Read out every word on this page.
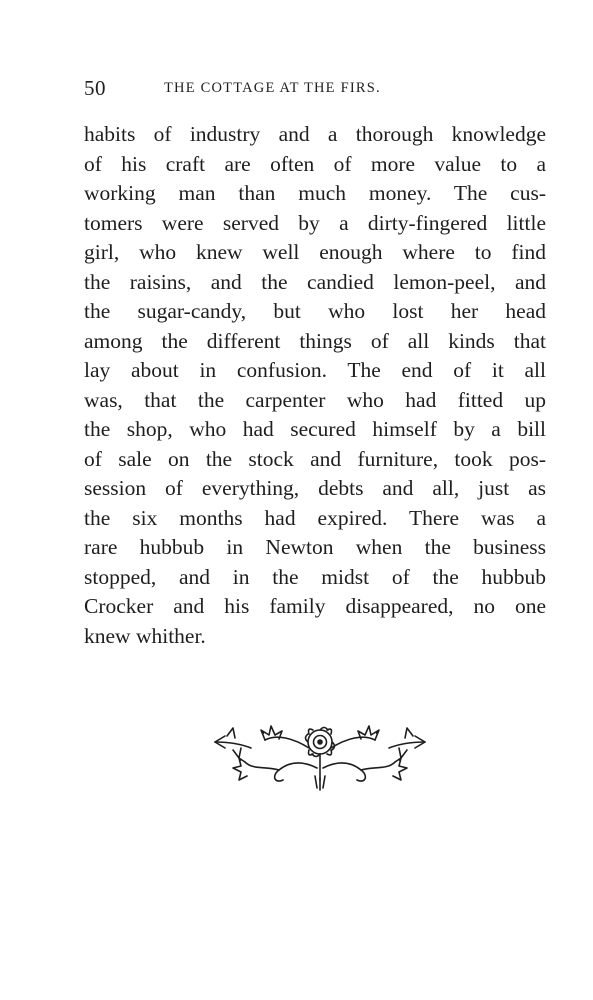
50	THE COTTAGE AT THE FIRS.

habits of industry and a thorough knowledge
of his craft are often of more value to a
working man than much money. The cus-
tomers were served by a dirty-fingered little
girl, who knew well enough where to find
the raisins, and the candied lemon-peel, and
the sugar-candy, but who lost her head
among the different things of all kinds that
lay about in confusion. The end of it all
was, that the carpenter who had fitted up
the shop, who had secured himself by a bill
of sale on the stock and furniture, took pos-
session of everything, debts and all, just as
the six months had expired. There was a
rare hubbub in Newton when the business
stopped, and in the midst of the hubbub
Crocker and his family disappeared, no one
knew whither.
